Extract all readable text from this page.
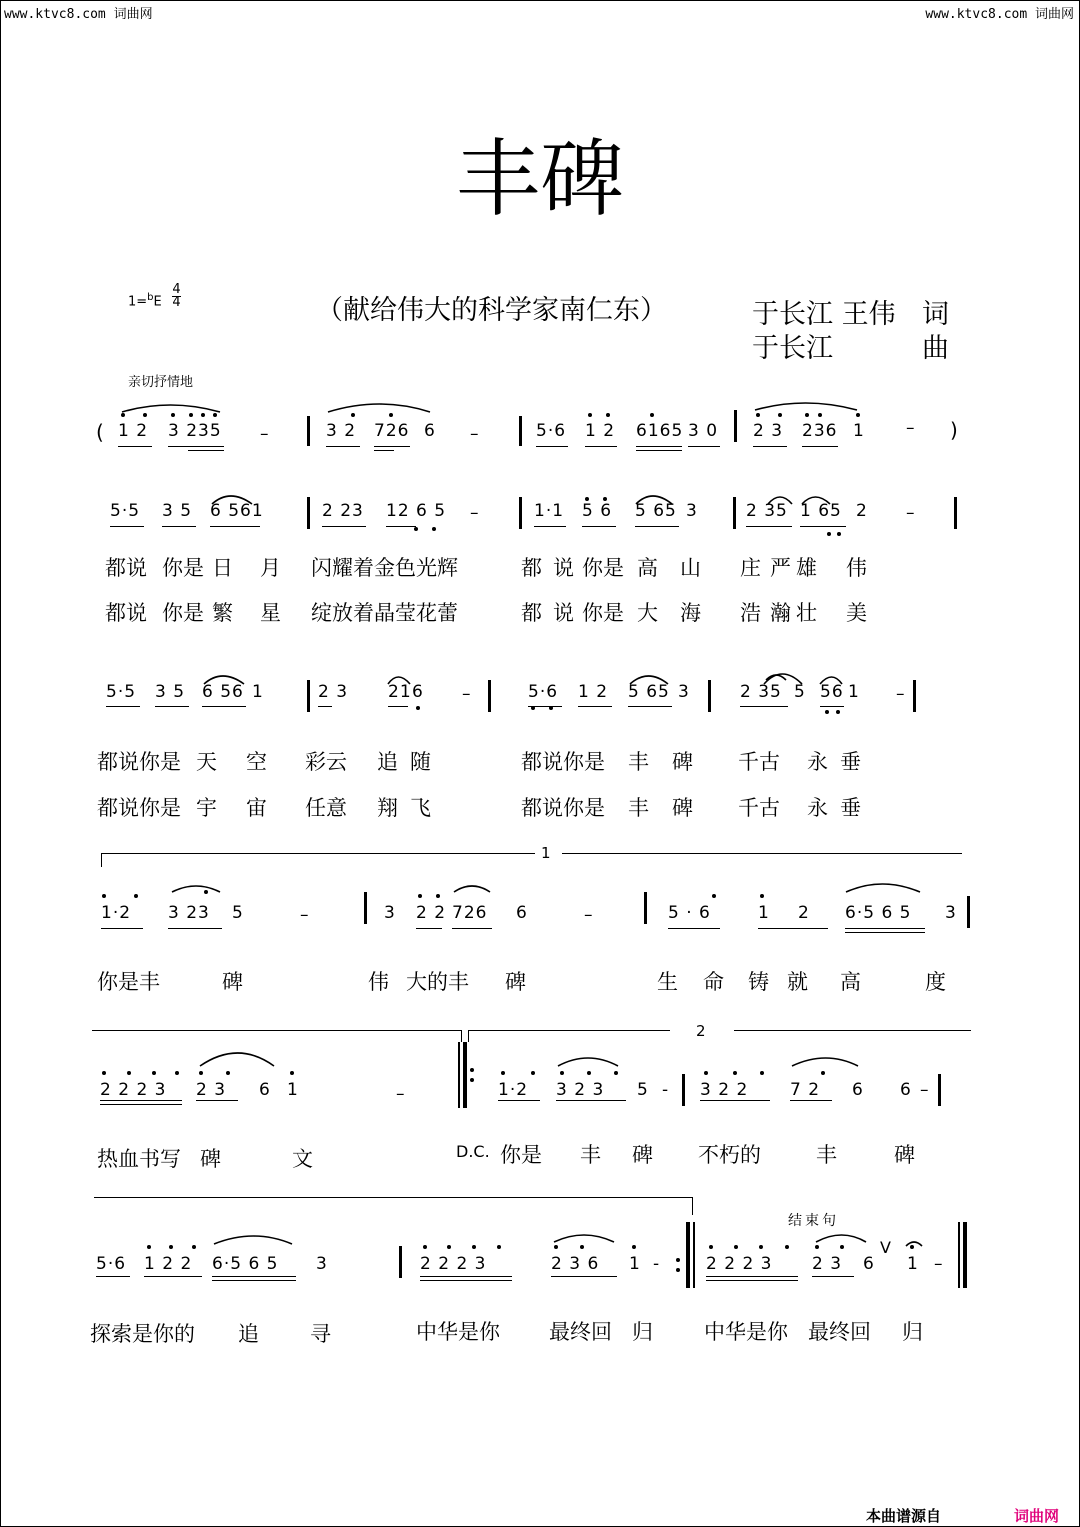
www.ktvc8.com 词曲网	www.ktvc8.com 词曲网
丰碑
1=$^b$E
4
4	（献给伟大的科学家南仁东）	于长江 王伟 词
于长江	曲
亲切抒情地
( 1 2 3 235 –	3 2 726 6 –	5·6 1 2 6165 3 0 2 3 236 1 – )
5·5 3 5 6 561	2 23 12 6 5 –	1·1 5 6 5 65 3	2 35 1 65 2 –
都说 你是 日 月 闪耀着金色光辉	都 说 你是 高 山 庄 严 雄 伟
都说 你是 繁 星 绽放着晶莹花蕾	都 说 你是 大 海 浩 瀚 壮 美
5·5 3 5 6 56 1	2 3 21 6 –	5·6 1 2 5 65 3	2 35 5 56 1 –
都说你是 天 空 彩云 追 随	都说你是 丰 碑 千古 永 垂
都说你是 宇 宙 任意 翔 飞	都说你是 丰 碑 千古 永 垂
1
1·2 3 23 5	–	3 2 2 726 6	–	5 · 6	1 2 6·5 6 5 3
你是丰	碑	伟 大的丰 碑	生 命 铸 就 高	度
2
2 2 2 3 2 3 6 1	–	1·2 3 2 3 5 - 3 2 2 7 2 6 6 –
热血书写 碑	文	D.C. 你是 丰 碑 不朽的	丰	碑
结束句
5·6 1 2 2 6·5 6 5 3	2 2 2 3	2 3 6 1 -	2 2 2 3 2 3 6
V
1 –
探索是你的 追 寻	中华是你 最终回 归 中华是你 最终回 归
本曲谱源自	词曲网
